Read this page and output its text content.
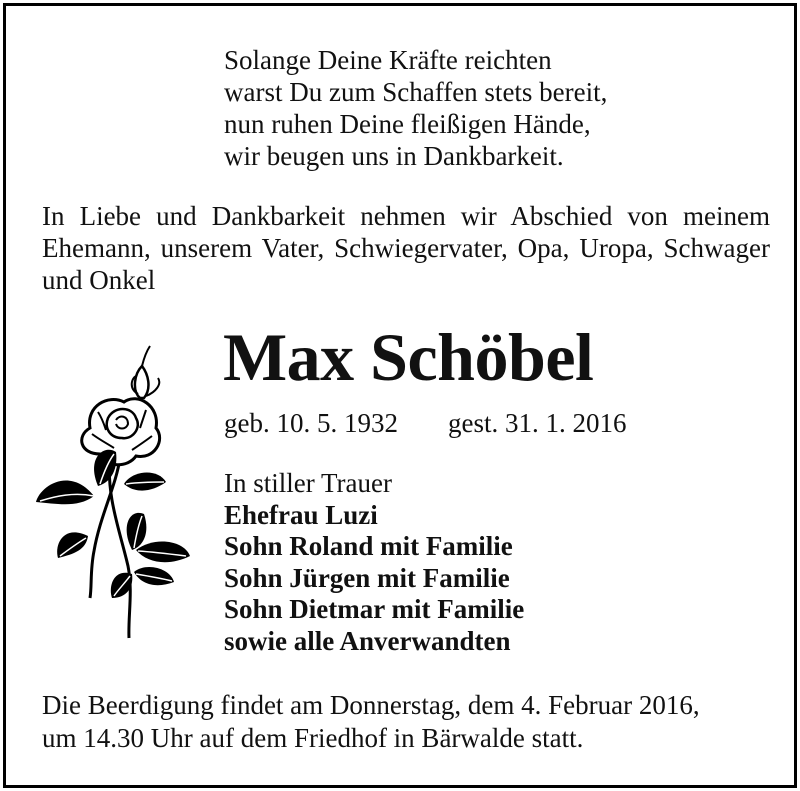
Solange Deine Kräfte reichten
warst Du zum Schaffen stets bereit,
nun ruhen Deine fleißigen Hände,
wir beugen uns in Dankbarkeit.
In Liebe und Dankbarkeit nehmen wir Abschied von meinem Ehemann, unserem Vater, Schwiegervater, Opa, Uropa, Schwager und Onkel
Max Schöbel
geb. 10. 5. 1932 gest. 31. 1. 2016
In stiller Trauer
Ehefrau Luzi
Sohn Roland mit Familie
Sohn Jürgen mit Familie
Sohn Dietmar mit Familie
sowie alle Anverwandten
Die Beerdigung findet am Donnerstag, dem 4. Februar 2016,
um 14.30 Uhr auf dem Friedhof in Bärwalde statt.
